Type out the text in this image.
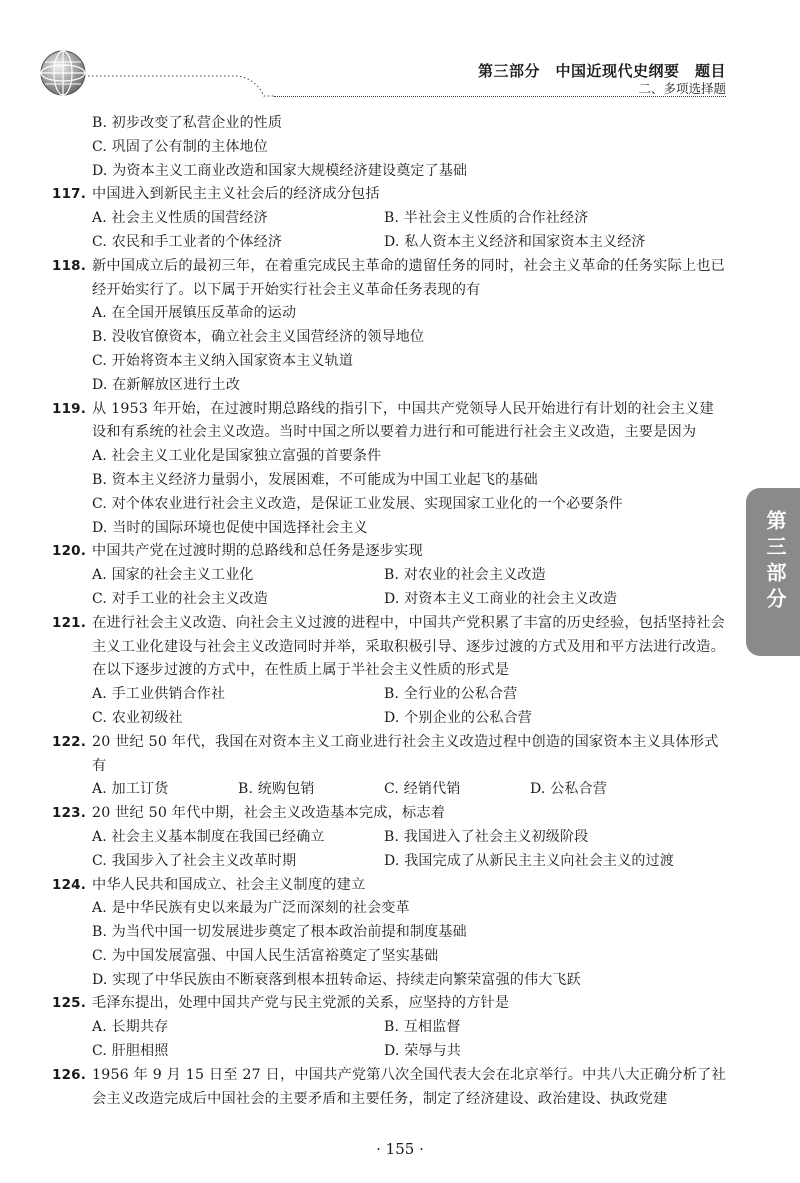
第三部分　中国近现代史纲要　题目
二、多项选择题
B. 初步改变了私营企业的性质
C. 巩固了公有制的主体地位
D. 为资本主义工商业改造和国家大规模经济建设奠定了基础
117. 中国进入到新民主主义社会后的经济成分包括
A. 社会主义性质的国营经济	B. 半社会主义性质的合作社经济
C. 农民和手工业者的个体经济	D. 私人资本主义经济和国家资本主义经济
118. 新中国成立后的最初三年，在着重完成民主革命的遗留任务的同时，社会主义革命的任务实际上也已经开始实行了。以下属于开始实行社会主义革命任务表现的有
A. 在全国开展镇压反革命的运动
B. 没收官僚资本，确立社会主义国营经济的领导地位
C. 开始将资本主义纳入国家资本主义轨道
D. 在新解放区进行土改
119. 从 1953 年开始，在过渡时期总路线的指引下，中国共产党领导人民开始进行有计划的社会主义建设和有系统的社会主义改造。当时中国之所以要着力进行和可能进行社会主义改造，主要是因为
A. 社会主义工业化是国家独立富强的首要条件
B. 资本主义经济力量弱小，发展困难，不可能成为中国工业起飞的基础
C. 对个体农业进行社会主义改造，是保证工业发展、实现国家工业化的一个必要条件
D. 当时的国际环境也促使中国选择社会主义
120. 中国共产党在过渡时期的总路线和总任务是逐步实现
A. 国家的社会主义工业化	B. 对农业的社会主义改造
C. 对手工业的社会主义改造	D. 对资本主义工商业的社会主义改造
121. 在进行社会主义改造、向社会主义过渡的进程中，中国共产党积累了丰富的历史经验，包括坚持社会主义工业化建设与社会主义改造同时并举，采取积极引导、逐步过渡的方式及用和平方法进行改造。在以下逐步过渡的方式中，在性质上属于半社会主义性质的形式是
A. 手工业供销合作社	B. 全行业的公私合营
C. 农业初级社	D. 个别企业的公私合营
122. 20 世纪 50 年代，我国在对资本主义工商业进行社会主义改造过程中创造的国家资本主义具体形式有
A. 加工订货	B. 统购包销	C. 经销代销	D. 公私合营
123. 20 世纪 50 年代中期，社会主义改造基本完成，标志着
A. 社会主义基本制度在我国已经确立	B. 我国进入了社会主义初级阶段
C. 我国步入了社会主义改革时期	D. 我国完成了从新民主主义向社会主义的过渡
124. 中华人民共和国成立、社会主义制度的建立
A. 是中华民族有史以来最为广泛而深刻的社会变革
B. 为当代中国一切发展进步奠定了根本政治前提和制度基础
C. 为中国发展富强、中国人民生活富裕奠定了坚实基础
D. 实现了中华民族由不断衰落到根本扭转命运、持续走向繁荣富强的伟大飞跃
125. 毛泽东提出，处理中国共产党与民主党派的关系，应坚持的方针是
A. 长期共存	B. 互相监督
C. 肝胆相照	D. 荣辱与共
126. 1956 年 9 月 15 日至 27 日，中国共产党第八次全国代表大会在北京举行。中共八大正确分析了社会主义改造完成后中国社会的主要矛盾和主要任务，制定了经济建设、政治建设、执政党建
第三部分
· 155 ·
